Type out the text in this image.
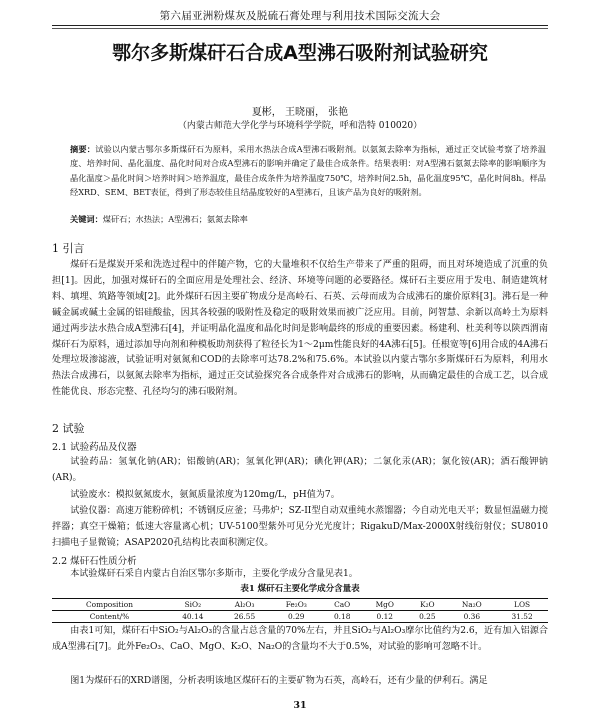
第六届亚洲粉煤灰及脱硫石膏处理与利用技术国际交流大会
鄂尔多斯煤矸石合成A型沸石吸附剂试验研究
夏彬， 王晓丽， 张艳
（内蒙古师范大学化学与环境科学学院，呼和浩特 010020）
摘要：试验以内蒙古鄂尔多斯煤矸石为原料，采用水热法合成A型沸石吸附剂。以氨氮去除率为指标，通过正交试验考察了培养温度、培养时间、晶化温度、晶化时间对合成A型沸石的影响并确定了最佳合成条件。结果表明：对A型沸石氨氮去除率的影响顺序为晶化温度＞晶化时间＞培养时间＞培养温度，最佳合成条件为培养温度750℃，培养时间2.5h，晶化温度95℃，晶化时间8h。样品经XRD、SEM、BET表征，得到了形态较佳且结晶度较好的A型沸石，且该产品为良好的吸附剂。
关键词：煤矸石；水热法；A型沸石；氨氮去除率
1 引言
煤矸石是煤炭开采和洗选过程中的伴随产物，它的大量堆积不仅给生产带来了严重的阻碍，而且对环境造成了沉重的负担[1]。因此，加强对煤矸石的全面应用是处理社会、经济、环境等问题的必要路径。煤矸石主要应用于发电、制造建筑材料、填埋、筑路等领域[2]。此外煤矸石因主要矿物成分是高岭石、石英、云母而成为合成沸石的廉价原料[3]。沸石是一种碱金属或碱土金属的铝硅酸盐，因其各较强的吸附性及稳定的吸附效果而被广泛应用。目前，阿智慧、余新以高岭土为原料通过两步法水热合成A型沸石[4]，并证明晶化温度和晶化时间是影响最终的形成的重要因素。杨建利、杜美利等以陕西渭南煤矸石为原料，通过添加导向剂和种模板助剂获得了粒径长为1～2μm性能良好的4A沸石[5]。任根宽等[6]用合成的4A沸石处理垃圾渗滤液，试验证明对氨氮和COD的去除率可达78.2%和75.6%。本试验以内蒙古鄂尔多斯煤矸石为原料，利用水热法合成沸石，以氨氮去除率为指标，通过正交试验探究各合成条件对合成沸石的影响，从而确定最佳的合成工艺，以合成性能优良、形态完整、孔径均匀的沸石吸附剂。
2 试验
2.1 试验药品及仪器
试验药品：氢氧化钠(AR)；铝酸钠(AR)；氢氧化钾(AR)；碘化钾(AR)；二氯化汞(AR)；氯化铵(AR)；酒石酸钾钠(AR)。
试验废水：模拟氨氮废水，氨氮质量浓度为120mg/L，pH值为7。
试验仪器：高速万能粉碎机；不锈钢反应釜；马弗炉；SZ-II型自动双重纯水蒸馏器；今自动光电天平；数显恒温磁力搅拌器；真空干燥箱；低速大容量离心机；UV-5100型紫外可见分光光度计；RigakuD/Max-2000X射线衍射仪；SU8010扫描电子显微镜；ASAP2020孔结构比表面积测定仪。
2.2 煤矸石性质分析
本试验煤矸石采自内蒙古自治区鄂尔多斯市，主要化学成分含量见表1。
表1 煤矸石主要化学成分含量表
Composition	SiO₂	Al₂O₃	Fe₂O₃	CaO	MgO	K₂O	Na₂O	LOS
Content/%	40.14	26.55	0.29	0.18	0.12	0.25	0.36	31.52
由表1可知，煤矸石中SiO₂与Al₂O₃的含量占总含量的70%左右，并且SiO₂与Al₂O₃摩尔比值约为2.6，近有加入铝源合成A型沸石[7]。此外Fe₂O₃、CaO、MgO、K₂O、Na₂O的含量均不大于0.5%，对试验的影响可忽略不计。
图1为煤矸石的XRD谱图，分析表明该地区煤矸石的主要矿物为石英，高岭石，还有少量的伊利石。满足
31
